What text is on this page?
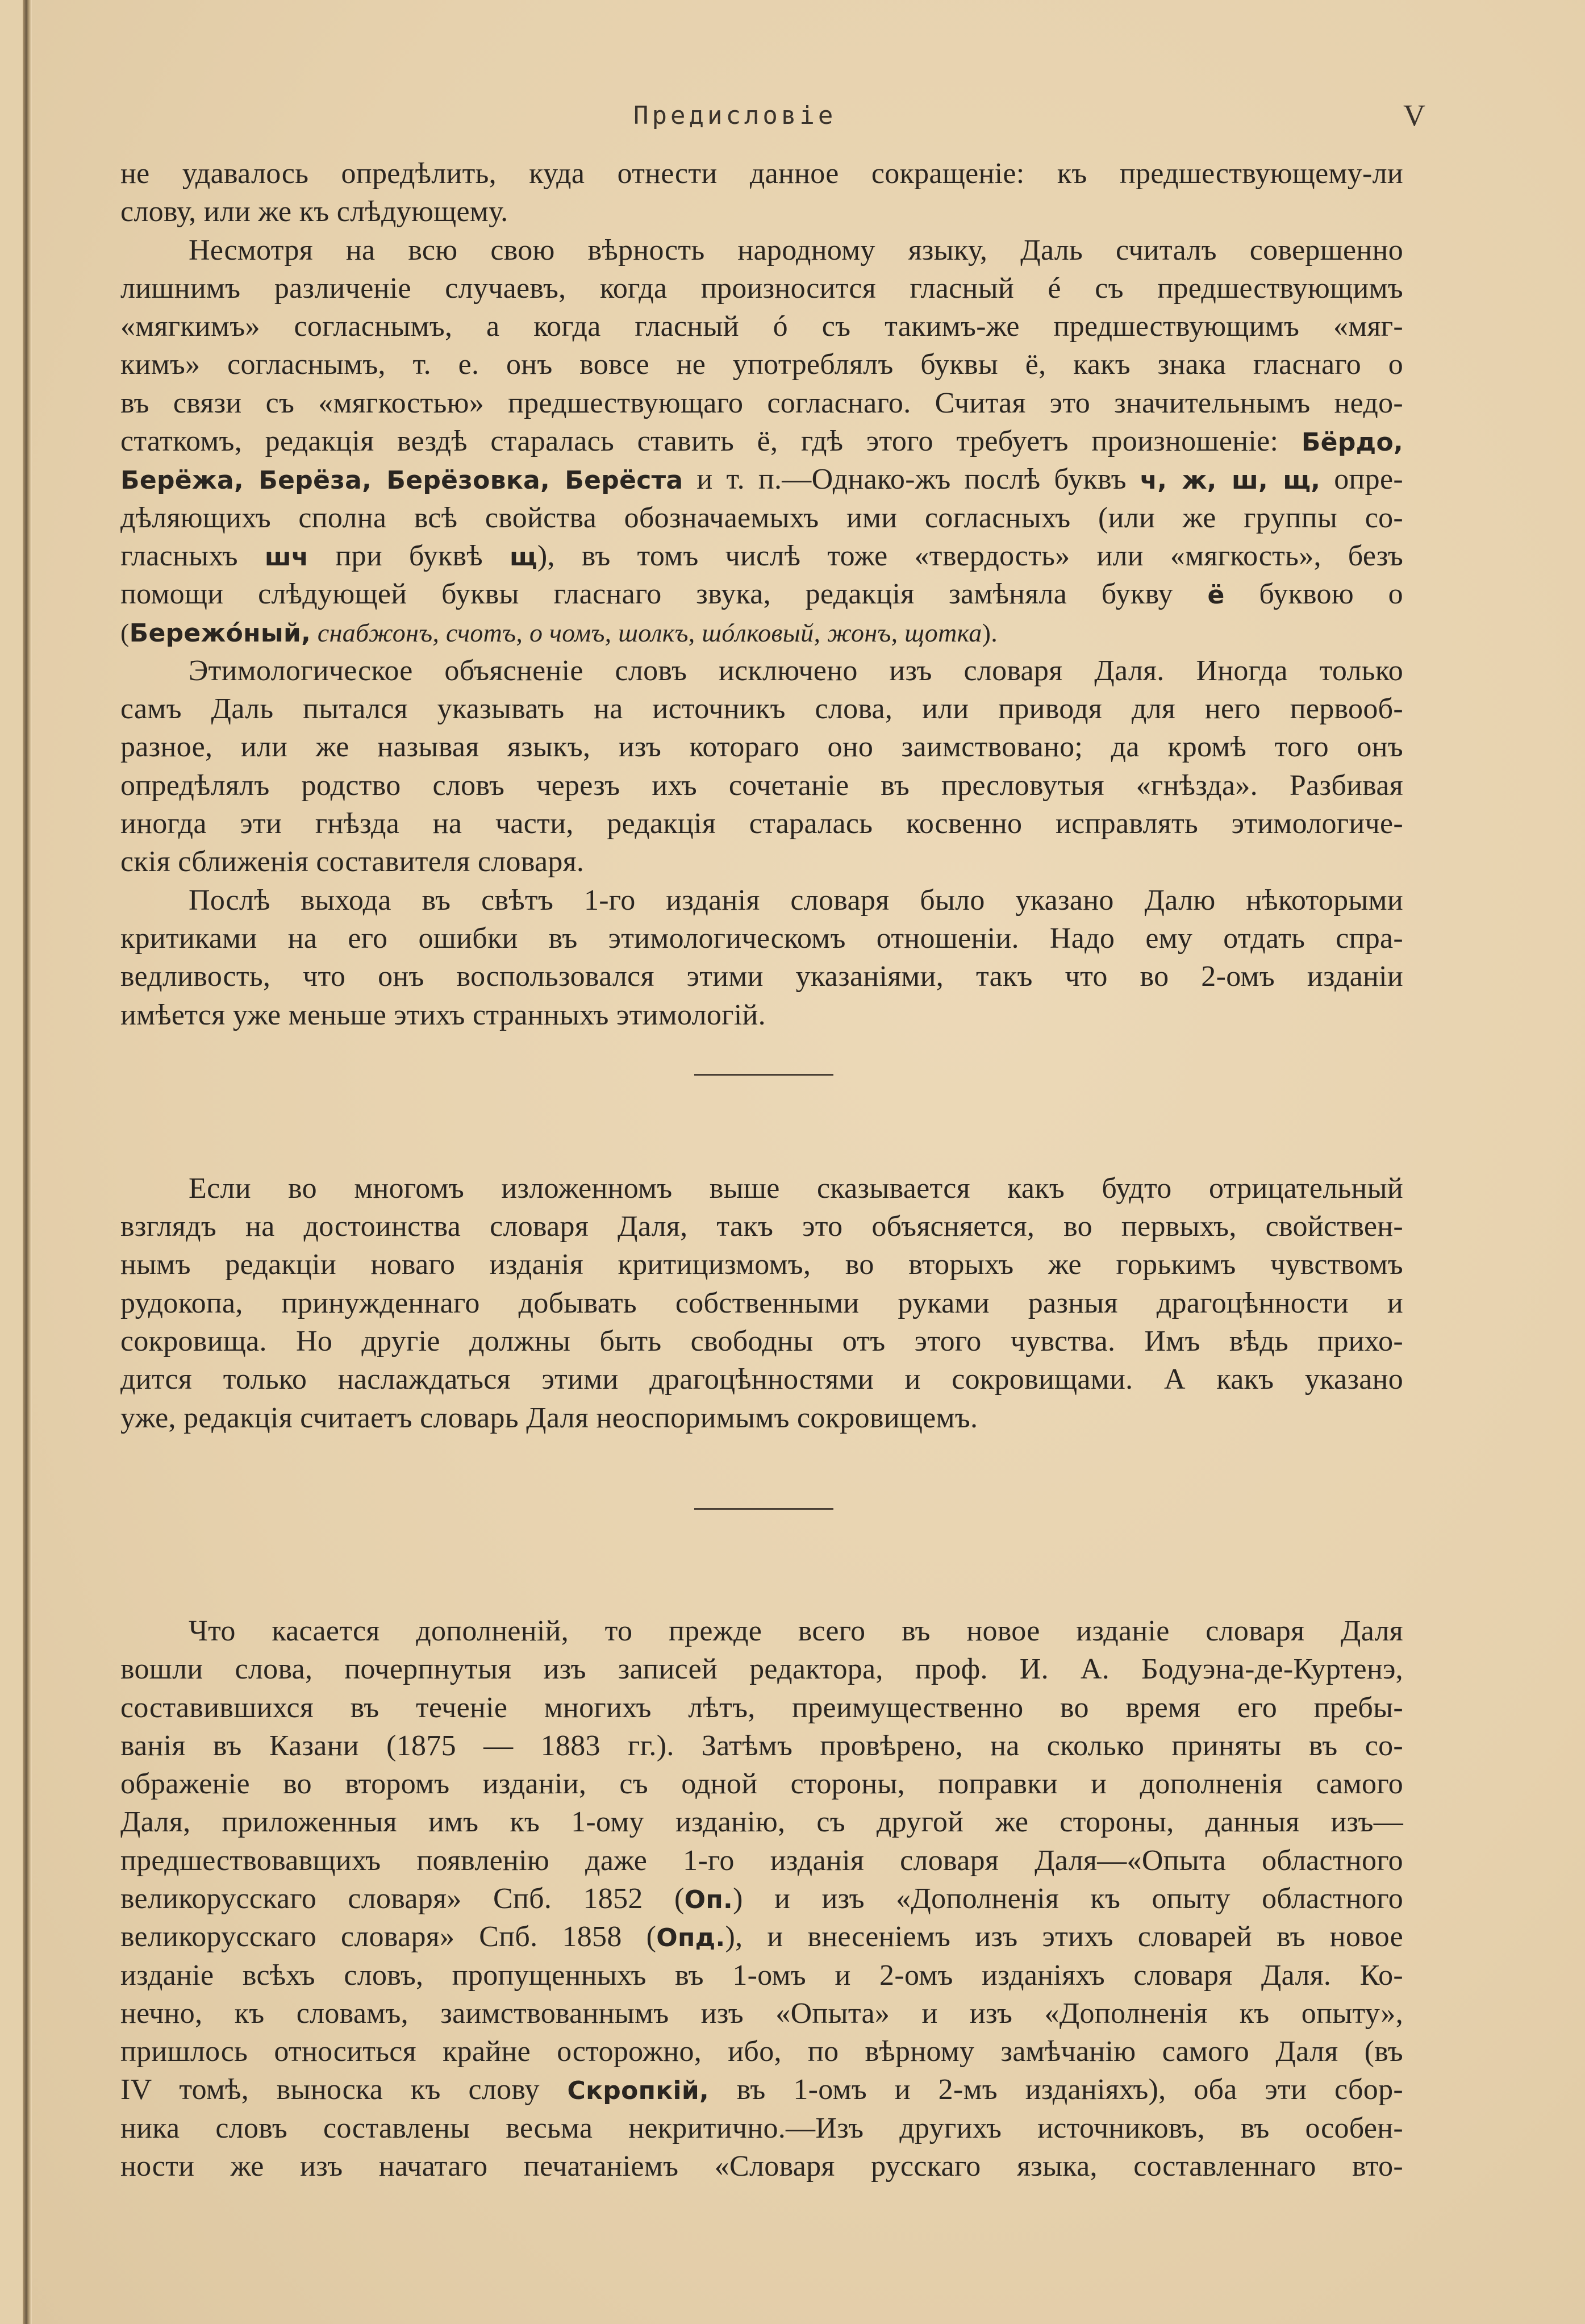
Предисловіе	V
не удавалось опредѣлить, куда отнести данное сокращеніе: къ предшествующему-ли
слову, или же къ слѣдующему.
Несмотря на всю свою вѣрность народному языку, Даль считалъ совершенно
лишнимъ различеніе случаевъ, когда произносится гласный é съ предшествующимъ
«мягкимъ» согласнымъ, а когда гласный ó съ такимъ-же предшествующимъ «мяг-
кимъ» согласнымъ, т. е. онъ вовсе не употреблялъ буквы ё, какъ знака гласнаго о
въ связи съ «мягкостью» предшествующаго согласнаго. Считая это значительнымъ недо-
статкомъ, редакція вездѣ старалась ставить ё, гдѣ этого требуетъ произношеніе: Бёрдо,
Берёжа, Берёза, Берёзовка, Берёста и т. п.—Однако-жъ послѣ буквъ ч, ж, ш, щ, опре-
дѣляющихъ сполна всѣ свойства обозначаемыхъ ими согласныхъ (или же группы со-
гласныхъ шч при буквѣ щ), въ томъ числѣ тоже «твердость» или «мягкость», безъ
помощи слѣдующей буквы гласнаго звука, редакція замѣняла букву ё буквою о
(Бережóный, снабжонъ, счотъ, о чомъ, шолкъ, шóлковый, жонъ, щотка).
Этимологическое объясненіе словъ исключено изъ словаря Даля. Иногда только
самъ Даль пытался указывать на источникъ слова, или приводя для него первооб-
разное, или же называя языкъ, изъ котораго оно заимствовано; да кромѣ того онъ
опредѣлялъ родство словъ черезъ ихъ сочетаніе въ пресловутыя «гнѣзда». Разбивая
иногда эти гнѣзда на части, редакція старалась косвенно исправлять этимологиче-
скія сближенія составителя словаря.
Послѣ выхода въ свѣтъ 1-го изданія словаря было указано Далю нѣкоторыми
критиками на его ошибки въ этимологическомъ отношеніи. Надо ему отдать спра-
ведливость, что онъ воспользовался этими указаніями, такъ что во 2-омъ изданіи
имѣется уже меньше этихъ странныхъ этимологій.
Если во многомъ изложенномъ выше сказывается какъ будто отрицательный
взглядъ на достоинства словаря Даля, такъ это объясняется, во первыхъ, свойствен-
нымъ редакціи новаго изданія критицизмомъ, во вторыхъ же горькимъ чувствомъ
рудокопа, принужденнаго добывать собственными руками разныя драгоцѣнности и
сокровища. Но другіе должны быть свободны отъ этого чувства. Имъ вѣдь прихо-
дится только наслаждаться этими драгоцѣнностями и сокровищами. А какъ указано
уже, редакція считаетъ словарь Даля неоспоримымъ сокровищемъ.
Что касается дополненій, то прежде всего въ новое изданіе словаря Даля
вошли слова, почерпнутыя изъ записей редактора, проф. И. А. Бодуэна-де-Куртенэ,
составившихся въ теченіе многихъ лѣтъ, преимущественно во время его пребы-
ванія въ Казани (1875 — 1883 гг.). Затѣмъ провѣрено, на сколько приняты въ со-
ображеніе во второмъ изданіи, съ одной стороны, поправки и дополненія самого
Даля, приложенныя имъ къ 1-ому изданію, съ другой же стороны, данныя изъ—
предшествовавщихъ появленію даже 1-го изданія словаря Даля—«Опыта областного
великорусскаго словаря» Спб. 1852 (Оп.) и изъ «Дополненія къ опыту областного
великорусскаго словаря» Спб. 1858 (Опд.), и внесеніемъ изъ этихъ словарей въ новое
изданіе всѣхъ словъ, пропущенныхъ въ 1-омъ и 2-омъ изданіяхъ словаря Даля. Ко-
нечно, къ словамъ, заимствованнымъ изъ «Опыта» и изъ «Дополненія къ опыту»,
пришлось относиться крайне осторожно, ибо, по вѣрному замѣчанію самого Даля (въ
IV томѣ, выноска къ слову Скропкій, въ 1-омъ и 2-мъ изданіяхъ), оба эти сбор-
ника словъ составлены весьма некритично.—Изъ другихъ источниковъ, въ особен-
ности же изъ начатаго печатаніемъ «Словаря русскаго языка, составленнаго вто-
